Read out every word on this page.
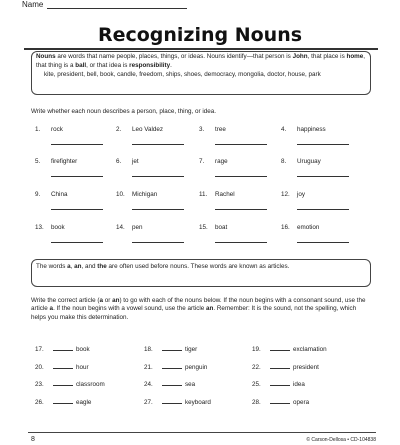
Name
Recognizing Nouns
Nouns are words that name people, places, things, or ideas. Nouns identify—that person is John, that place is home, that thing is a ball, or that idea is responsibility.
kite, president, bell, book, candle, freedom, ships, shoes, democracy, mongolia, doctor, house, park
Write whether each noun describes a person, place, thing, or idea.
1. rock	2. Leo Valdez	3. tree	4. happiness
5. firefighter	6. jet	7. rage	8. Uruguay
9. China	10. Michigan	11. Rachel	12. joy
13. book	14. pen	15. boat	16. emotion
The words a, an, and the are often used before nouns. These words are known as articles.
Write the correct article (a or an) to go with each of the nouns below. If the noun begins with a consonant sound, use the article a. If the noun begins with a vowel sound, use the article an. Remember: It is the sound, not the spelling, which helps you make this determination.
17.	book	18.	tiger	19.	exclamation
20.	hour	21.	penguin	22.	president
23.	classroom	24.	sea	25.	idea
26.	eagle	27.	keyboard	28.	opera
8	© Carson-Dellosa • CD-104838
